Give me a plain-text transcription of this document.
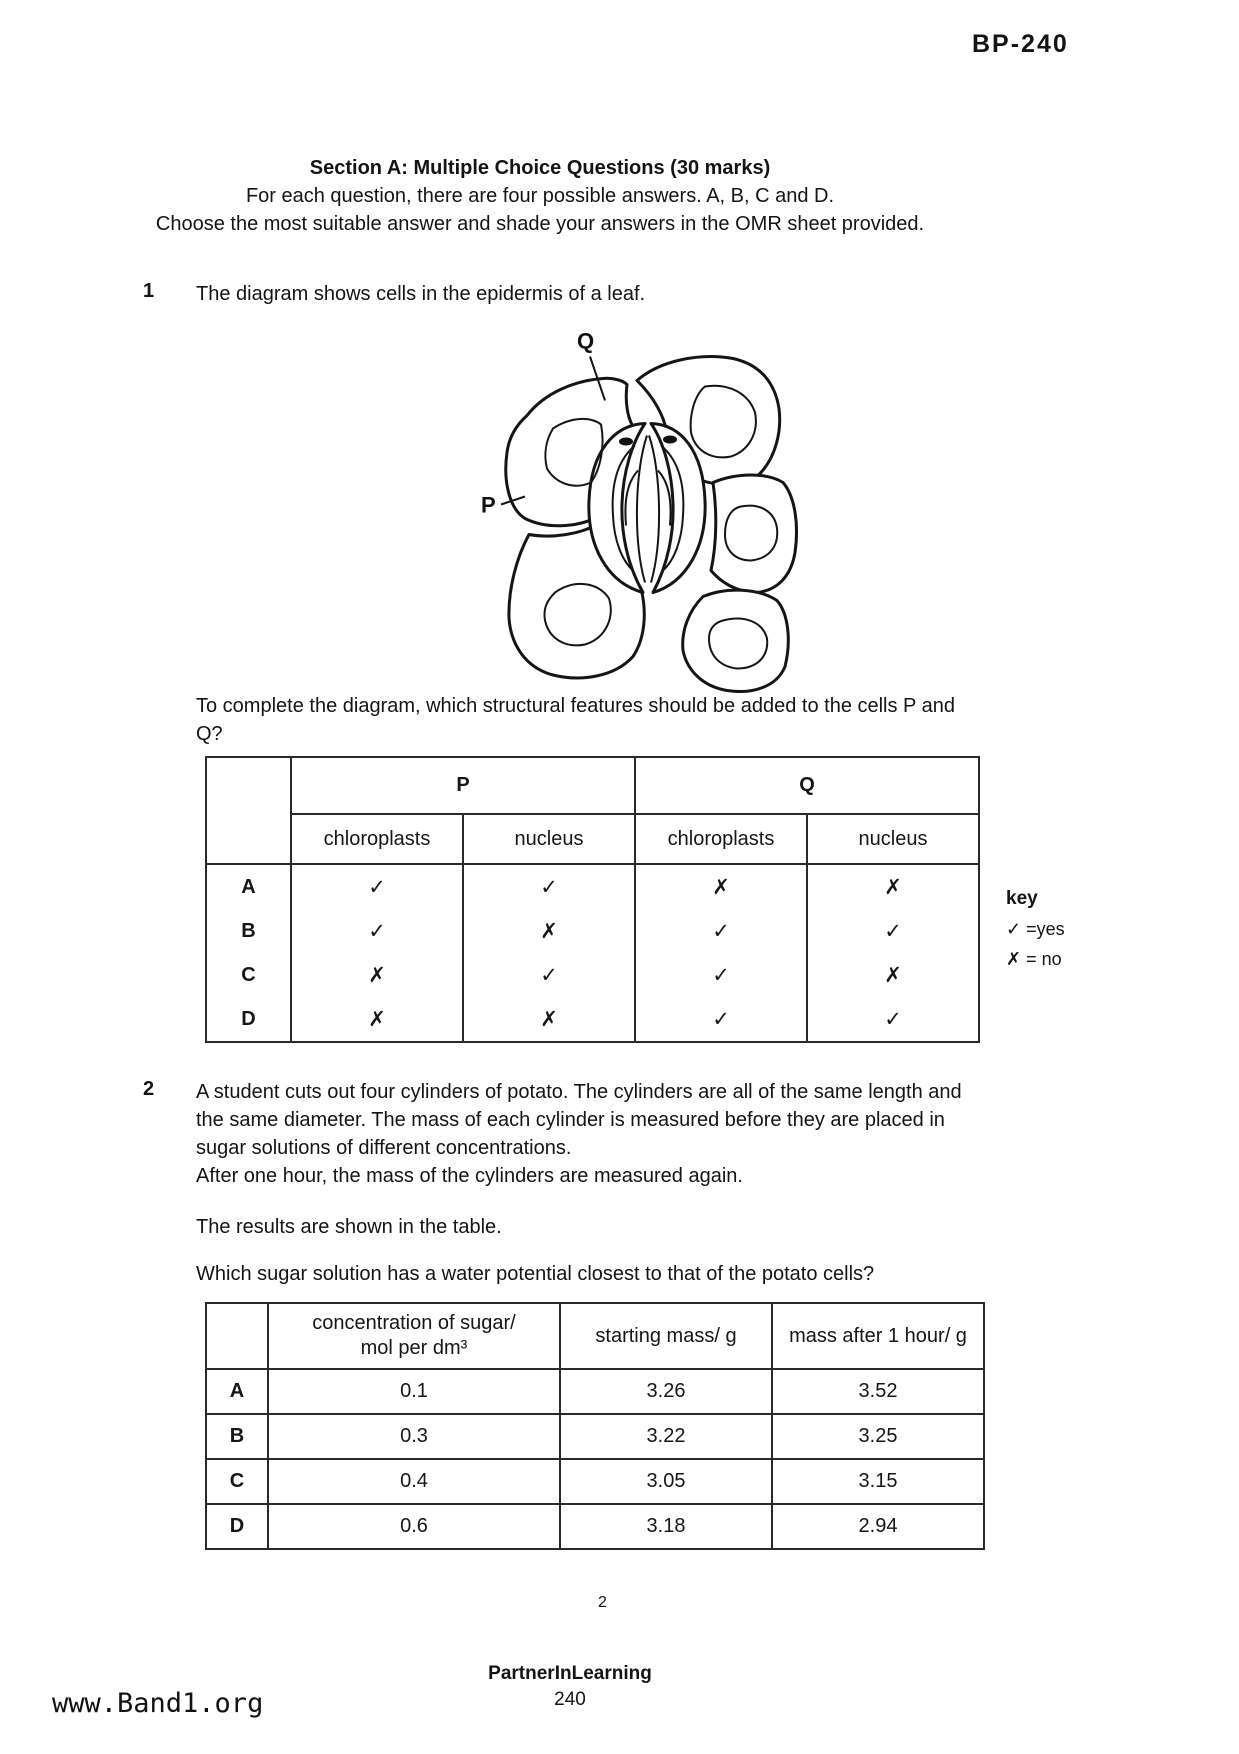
BP-240
Section A: Multiple Choice Questions (30 marks)
For each question, there are four possible answers. A, B, C and D.
Choose the most suitable answer and shade your answers in the OMR sheet provided.
1 The diagram shows cells in the epidermis of a leaf.
Q
P
To complete the diagram, which structural features should be added to the cells P and
Q?
	P		Q	
	chloroplasts	nucleus	chloroplasts	nucleus
A	✓	✓	✗	✗
B	✓	✗	✓	✓
C	✗	✓	✓	✗
D	✗	✗	✓	✓
key
✓ =yes
✗ = no
2 A student cuts out four cylinders of potato. The cylinders are all of the same length and
the same diameter. The mass of each cylinder is measured before they are placed in
sugar solutions of different concentrations.
After one hour, the mass of the cylinders are measured again.
The results are shown in the table.
Which sugar solution has a water potential closest to that of the potato cells?

	concentration of sugar/
mol per dm³	starting mass/ g	mass after 1 hour/ g
A	0.1	3.26	3.52
B	0.3	3.22	3.25
C	0.4	3.05	3.15
D	0.6	3.18	2.94
2
PartnerInLearning
240
www.Band1.org
